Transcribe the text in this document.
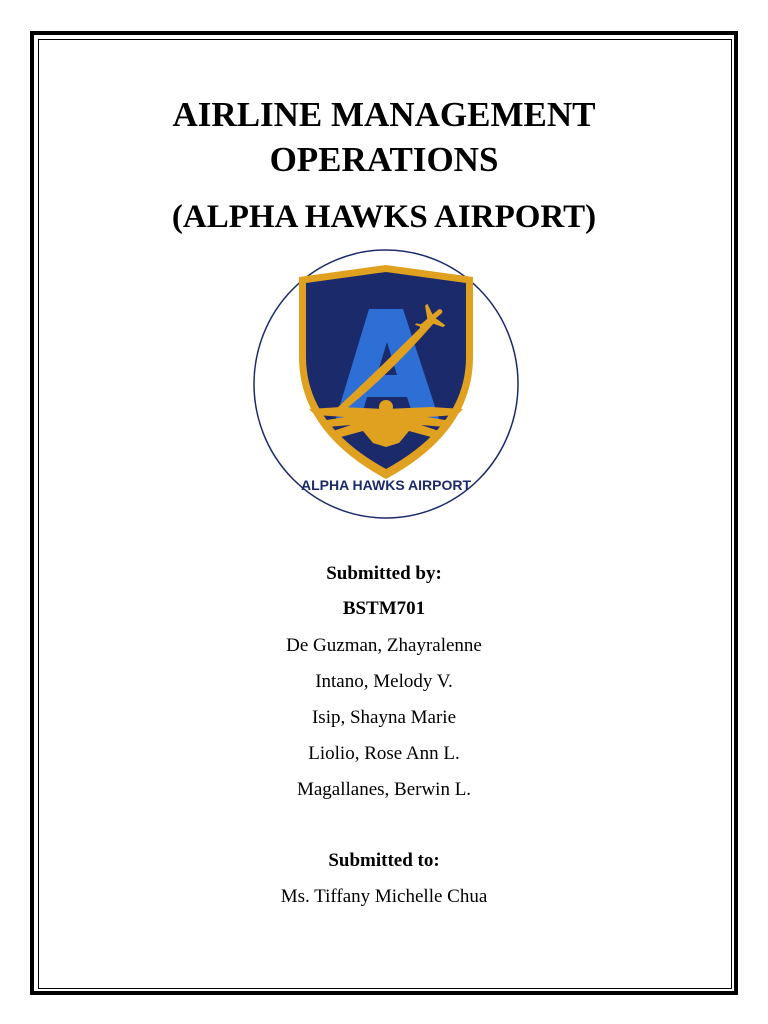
AIRLINE MANAGEMENT
OPERATIONS
(ALPHA HAWKS AIRPORT)
ALPHA HAWKS AIRPORT
Submitted by:
BSTM701
De Guzman, Zhayralenne
Intano, Melody V.
Isip, Shayna Marie
Liolio, Rose Ann L.
Magallanes, Berwin L.
Submitted to:
Ms. Tiffany Michelle Chua
